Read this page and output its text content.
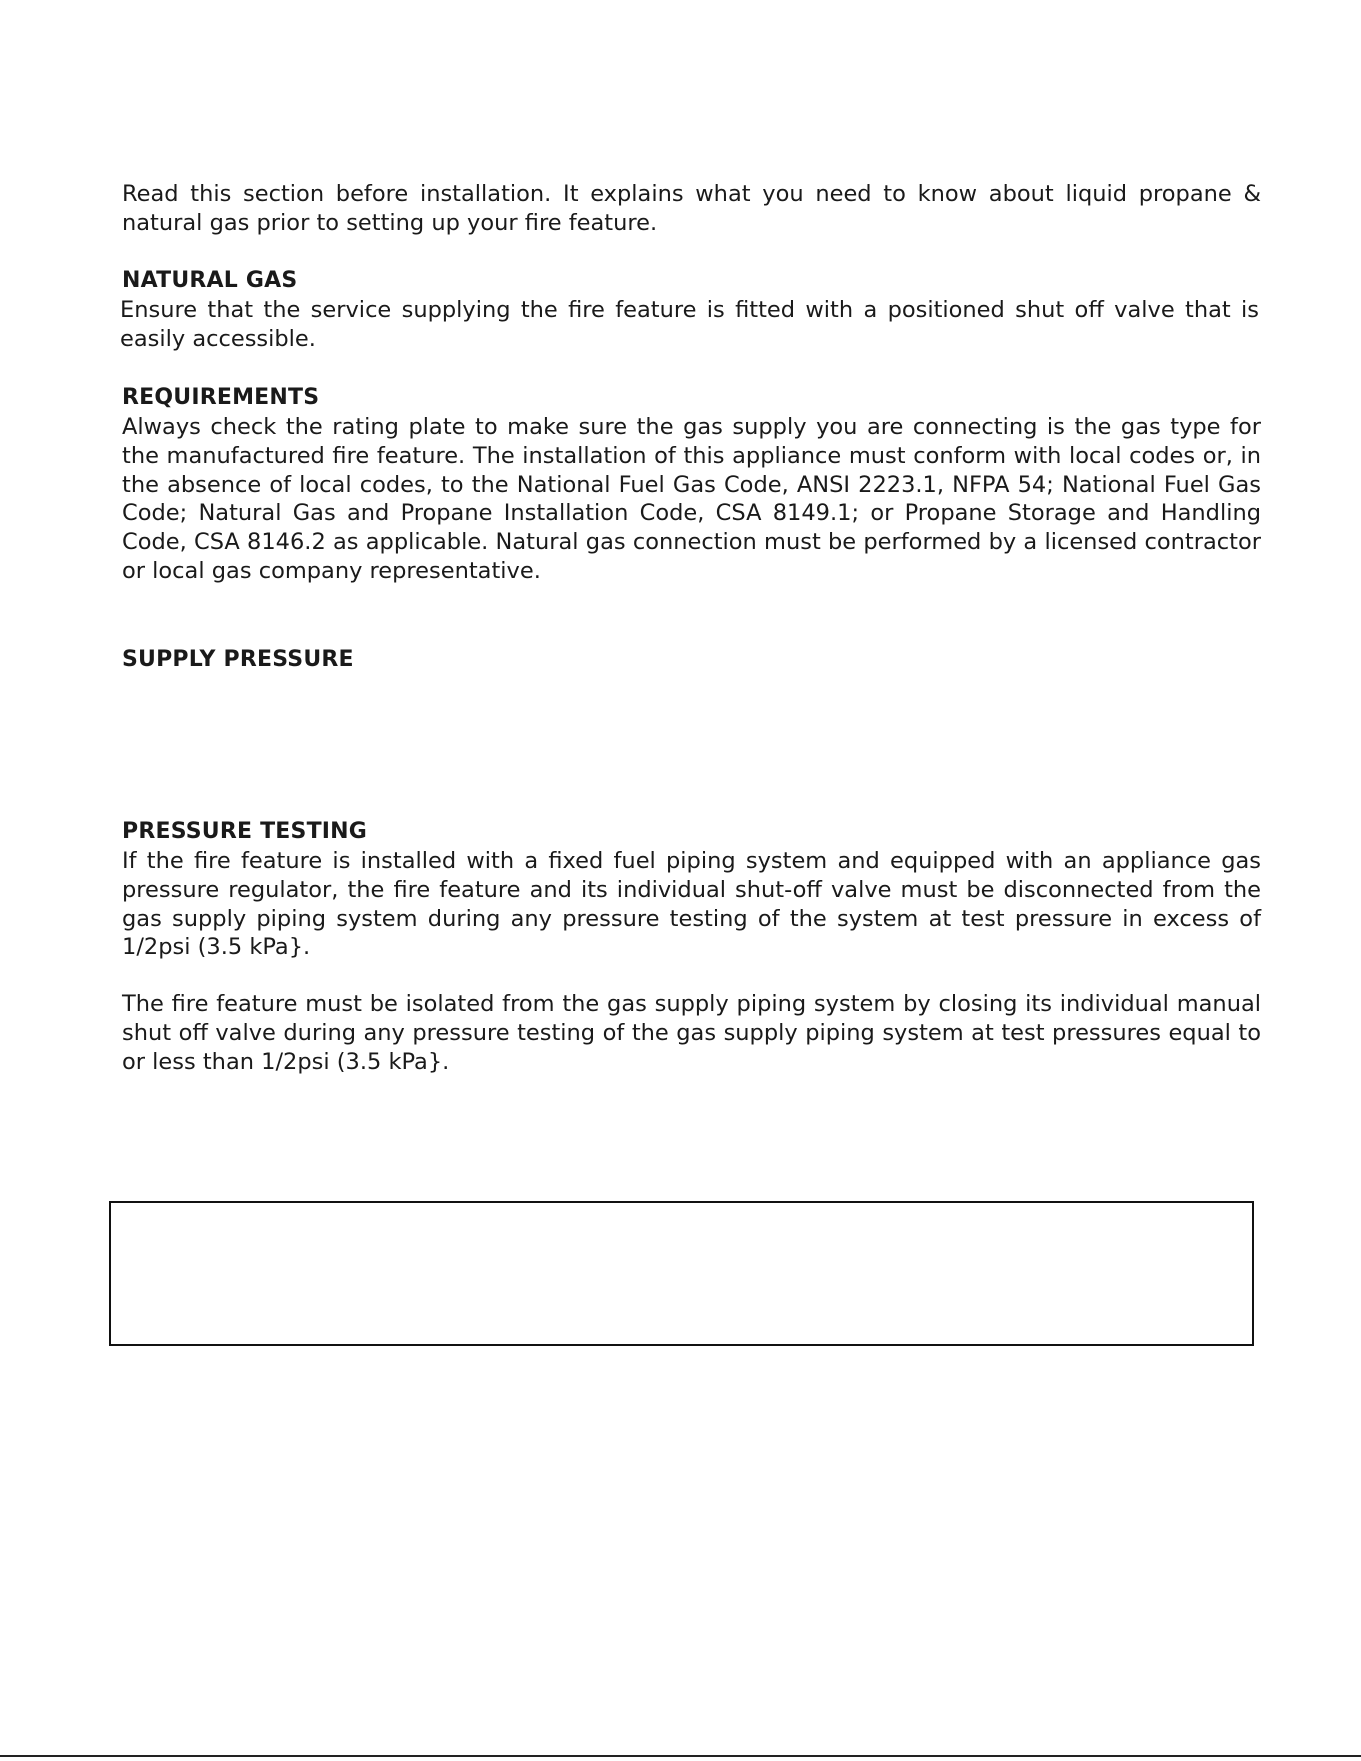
Read this section before installation. It explains what you need to know about liquid propane & natural gas prior to setting up your fire feature.
NATURAL GAS
Ensure that the service supplying the fire feature is fitted with a positioned shut off valve that is easily accessible.
REQUIREMENTS
Always check the rating plate to make sure the gas supply you are connecting is the gas type for the manufactured fire feature. The installation of this appliance must conform with local codes or, in the absence of local codes, to the National Fuel Gas Code, ANSI 2223.1, NFPA 54; National Fuel Gas Code; Natural Gas and Propane Installation Code, CSA 8149.1; or Propane Storage and Handling Code, CSA 8146.2 as applicable. Natural gas connection must be performed by a licensed contractor or local gas company representative.
SUPPLY PRESSURE
PRESSURE TESTING
If the fire feature is installed with a fixed fuel piping system and equipped with an appliance gas pressure regulator, the fire feature and its individual shut-off valve must be disconnected from the gas supply piping system during any pressure testing of the system at test pressure in excess of 1/2psi (3.5 kPa}.
The fire feature must be isolated from the gas supply piping system by closing its individual manual shut off valve during any pressure testing of the gas supply piping system at test pressures equal to or less than 1/2psi (3.5 kPa}.
